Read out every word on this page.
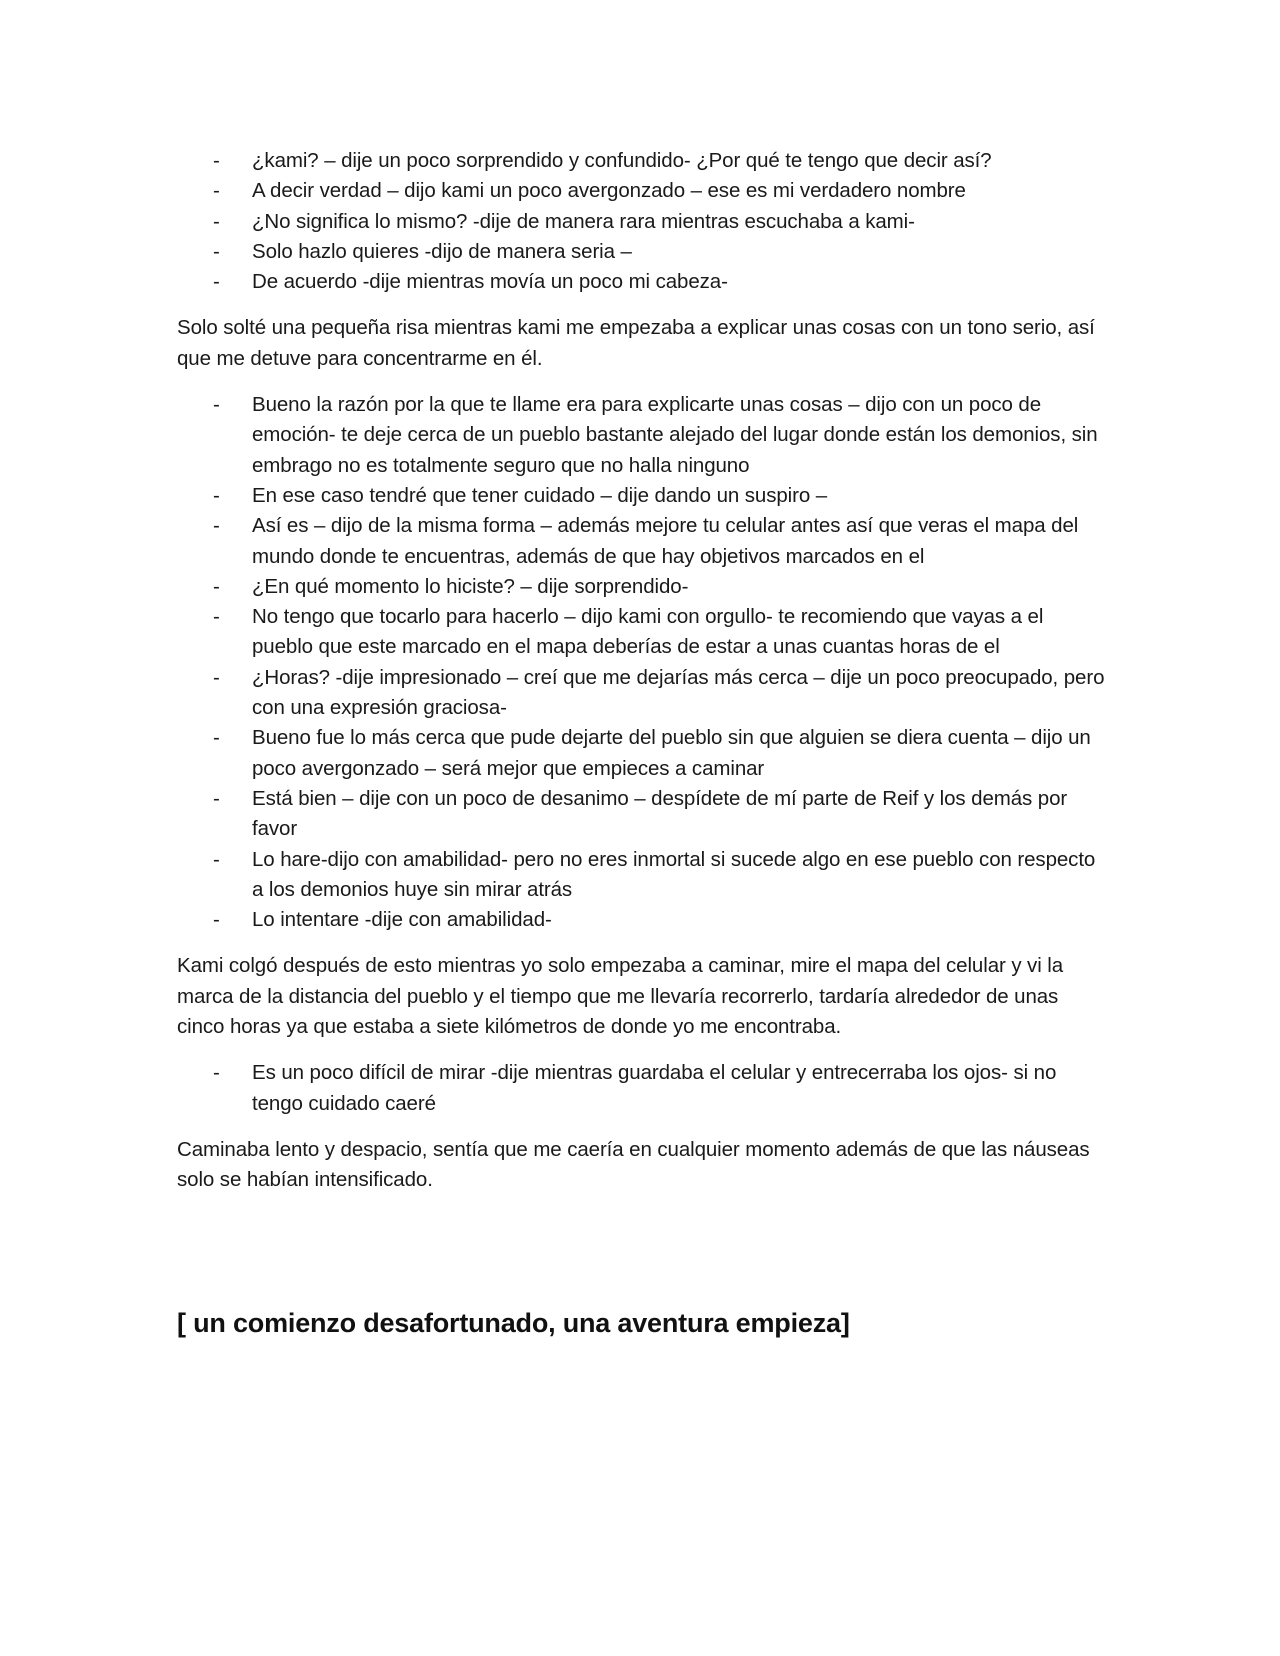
- ¿kami? – dije un poco sorprendido y confundido- ¿Por qué te tengo que decir así?
- A decir verdad – dijo kami un poco avergonzado – ese es mi verdadero nombre
- ¿No significa lo mismo? -dije de manera rara mientras escuchaba a kami-
- Solo hazlo quieres -dijo de manera seria –
- De acuerdo -dije mientras movía un poco mi cabeza-

Solo solté una pequeña risa mientras kami me empezaba a explicar unas cosas con un tono serio, así que me detuve para concentrarme en él.

- Bueno la razón por la que te llame era para explicarte unas cosas – dijo con un poco de emoción- te deje cerca de un pueblo bastante alejado del lugar donde están los demonios, sin embrago no es totalmente seguro que no halla ninguno
- En ese caso tendré que tener cuidado – dije dando un suspiro –
- Así es – dijo de la misma forma – además mejore tu celular antes así que veras el mapa del mundo donde te encuentras, además de que hay objetivos marcados en el
- ¿En qué momento lo hiciste? – dije sorprendido-
- No tengo que tocarlo para hacerlo – dijo kami con orgullo- te recomiendo que vayas a el pueblo que este marcado en el mapa deberías de estar a unas cuantas horas de el
- ¿Horas? -dije impresionado – creí que me dejarías más cerca – dije un poco preocupado, pero con una expresión graciosa-
- Bueno fue lo más cerca que pude dejarte del pueblo sin que alguien se diera cuenta – dijo un poco avergonzado – será mejor que empieces a caminar
- Está bien – dije con un poco de desanimo – despídete de mí parte de Reif y los demás por favor
- Lo hare-dijo con amabilidad- pero no eres inmortal si sucede algo en ese pueblo con respecto a los demonios huye sin mirar atrás
- Lo intentare -dije con amabilidad-

Kami colgó después de esto mientras yo solo empezaba a caminar, mire el mapa del celular y vi la marca de la distancia del pueblo y el tiempo que me llevaría recorrerlo, tardaría alrededor de unas cinco horas ya que estaba a siete kilómetros de donde yo me encontraba.

- Es un poco difícil de mirar -dije mientras guardaba el celular y entrecerraba los ojos- si no tengo cuidado caeré

Caminaba lento y despacio, sentía que me caería en cualquier momento además de que las náuseas solo se habían intensificado.

[ un comienzo desafortunado, una aventura empieza]
